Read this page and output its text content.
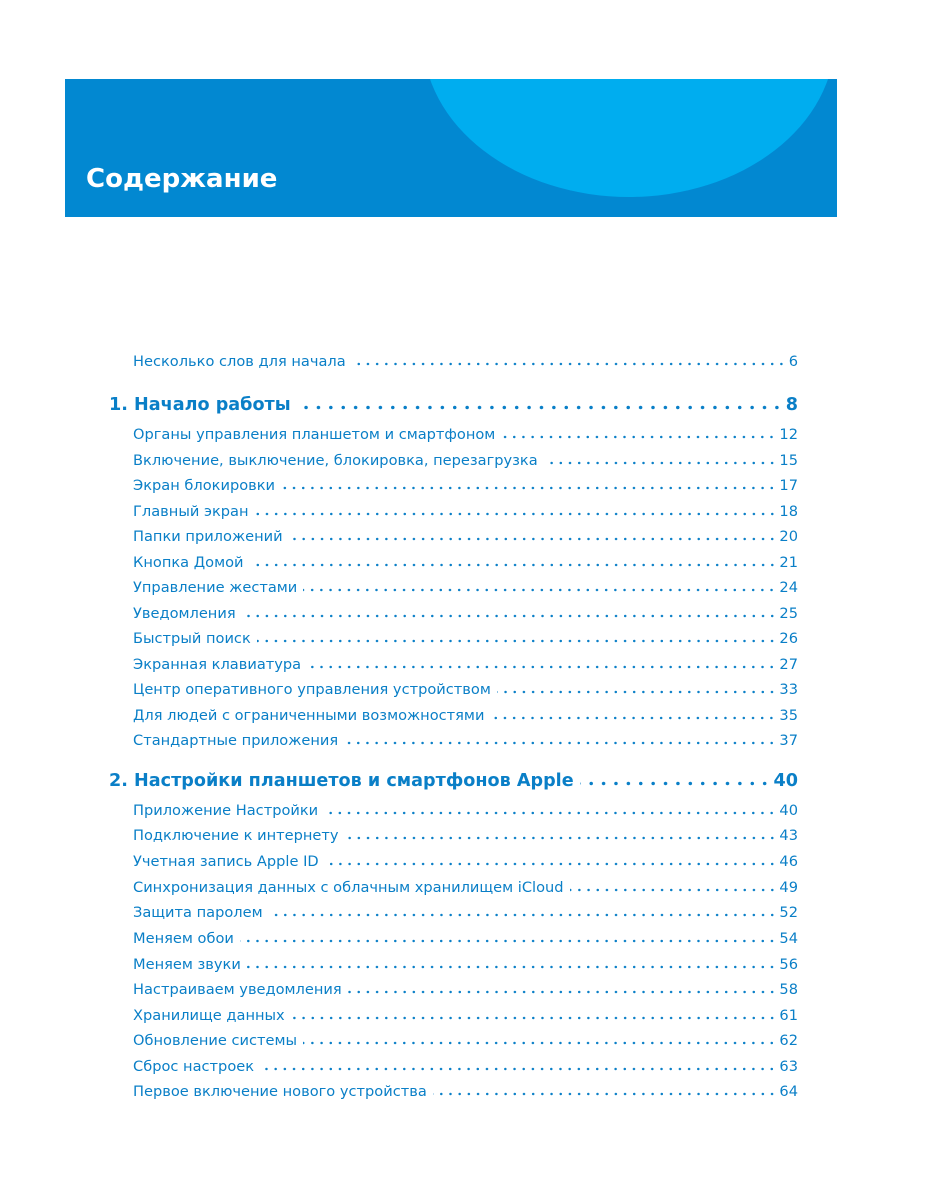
Содержание
Несколько слов для начала	6
1. Начало работы	8
Органы управления планшетом и смартфоном	12
Включение, выключение, блокировка, перезагрузка	15
Экран блокировки	17
Главный экран	18
Папки приложений	20
Кнопка Домой	21
Управление жестами	24
Уведомления	25
Быстрый поиск	26
Экранная клавиатура	27
Центр оперативного управления устройством	33
Для людей с ограниченными возможностями	35
Стандартные приложения	37
2. Настройки планшетов и смартфонов Apple	40
Приложение Настройки	40
Подключение к интернету	43
Учетная запись Apple ID	46
Синхронизация данных с облачным хранилищем iCloud	49
Защита паролем	52
Меняем обои	54
Меняем звуки	56
Настраиваем уведомления	58
Хранилище данных	61
Обновление системы	62
Сброс настроек	63
Первое включение нового устройства	64
